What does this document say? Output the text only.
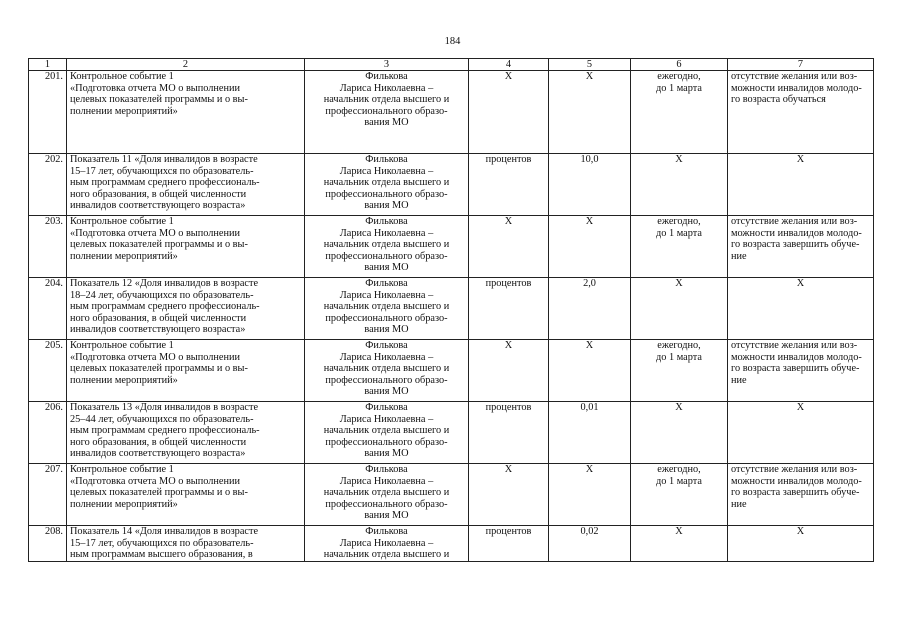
184
1	2	3	4	5	6	7
201.	Контрольное событие 1
«Подготовка отчета МО о выполнении
целевых показателей программы и о вы-
полнении мероприятий»	Филькова
Лариса Николаевна –
начальник отдела высшего и
профессионального образо-
вания МО	Х	Х	ежегодно,
до 1 марта	отсутствие желания или воз-
можности инвалидов молодо-
го возраста обучаться

202.	Показатель 11 «Доля инвалидов в возрасте
15–17 лет, обучающихся по образователь-
ным программам среднего профессиональ-
ного образования, в общей численности
инвалидов соответствующего возраста»	Филькова
Лариса Николаевна –
начальник отдела высшего и
профессионального образо-
вания МО	процентов	10,0	Х	Х

203.	Контрольное событие 1
«Подготовка отчета МО о выполнении
целевых показателей программы и о вы-
полнении мероприятий»	Филькова
Лариса Николаевна –
начальник отдела высшего и
профессионального образо-
вания МО	Х	Х	ежегодно,
до 1 марта	отсутствие желания или воз-
можности инвалидов молодо-
го возраста завершить обуче-
ние

204.	Показатель 12 «Доля инвалидов в возрасте
18–24 лет, обучающихся по образователь-
ным программам среднего профессиональ-
ного образования, в общей численности
инвалидов соответствующего возраста»	Филькова
Лариса Николаевна –
начальник отдела высшего и
профессионального образо-
вания МО	процентов	2,0	Х	Х

205.	Контрольное событие 1
«Подготовка отчета МО о выполнении
целевых показателей программы и о вы-
полнении мероприятий»	Филькова
Лариса Николаевна –
начальник отдела высшего и
профессионального образо-
вания МО	Х	Х	ежегодно,
до 1 марта	отсутствие желания или воз-
можности инвалидов молодо-
го возраста завершить обуче-
ние

206.	Показатель 13 «Доля инвалидов в возрасте
25–44 лет, обучающихся по образователь-
ным программам среднего профессиональ-
ного образования, в общей численности
инвалидов соответствующего возраста»	Филькова
Лариса Николаевна –
начальник отдела высшего и
профессионального образо-
вания МО	процентов	0,01	Х	Х

207.	Контрольное событие 1
«Подготовка отчета МО о выполнении
целевых показателей программы и о вы-
полнении мероприятий»	Филькова
Лариса Николаевна –
начальник отдела высшего и
профессионального образо-
вания МО	Х	Х	ежегодно,
до 1 марта	отсутствие желания или воз-
можности инвалидов молодо-
го возраста завершить обуче-
ние

208.	Показатель 14 «Доля инвалидов в возрасте
15–17 лет, обучающихся по образователь-
ным программам высшего образования, в	Филькова
Лариса Николаевна –
начальник отдела высшего и	процентов	0,02	Х	Х
